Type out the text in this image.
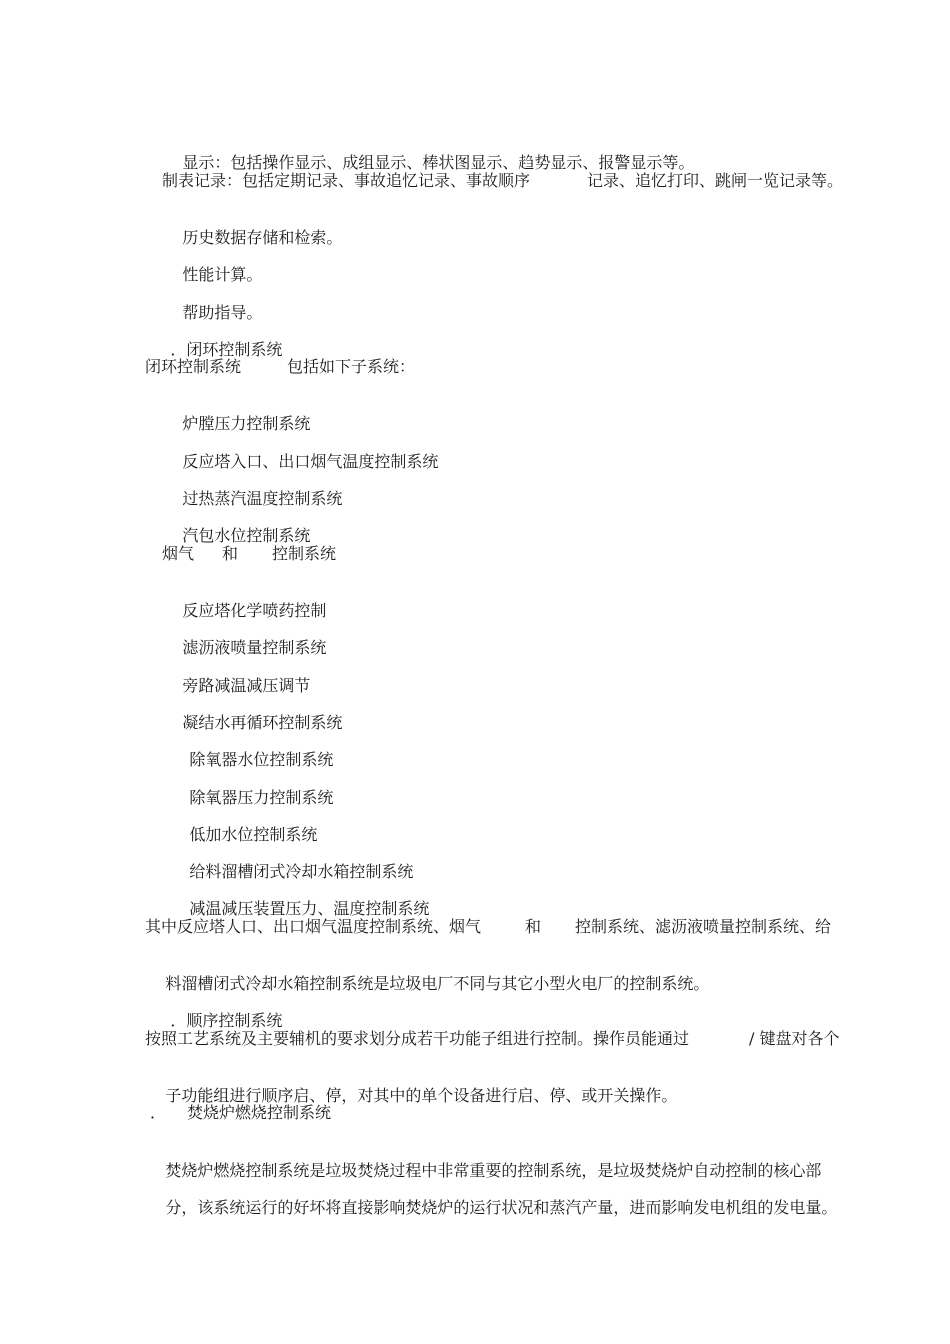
显示：包括操作显示、成组显示、棒状图显示、趋势显示、报警显示等。

制表记录：包括定期记录、事故追忆记录、事故顺序

	记录、追忆打印、跳闸一览记录等。

历史数据存储和检索。

性能计算。

帮助指导。

．闭环控制系统

闭环控制系统

	包括如下子系统：

炉膛压力控制系统

反应塔入口、出口烟气温度控制系统

过热蒸汽温度控制系统

汽包水位控制系统

烟气

和

控制系统

反应塔化学喷药控制

滤沥液喷量控制系统

旁路减温减压调节

凝结水再循环控制系统

除氧器水位控制系统

除氧器压力控制系统

低加水位控制系统

给料溜槽闭式冷却水箱控制系统

减温减压装置压力、温度控制系统

其中反应塔人口、出口烟气温度控制系统、烟气

	和

控制系统、滤沥液喷量控制系统、给

料溜槽闭式冷却水箱控制系统是垃圾电厂不同与其它小型火电厂的控制系统。

．顺序控制系统

按照工艺系统及主要辅机的要求划分成若干功能子组进行控制。操作员能通过

	/ 键盘对各个

子功能组进行顺序启、停，对其中的单个设备进行启、停、或开关操作。

．

焚烧炉燃烧控制系统

焚烧炉燃烧控制系统是垃圾焚烧过程中非常重要的控制系统，是垃圾焚烧炉自动控制的核心部

分，该系统运行的好坏将直接影响焚烧炉的运行状况和蒸汽产量，进而影响发电机组的发电量。
